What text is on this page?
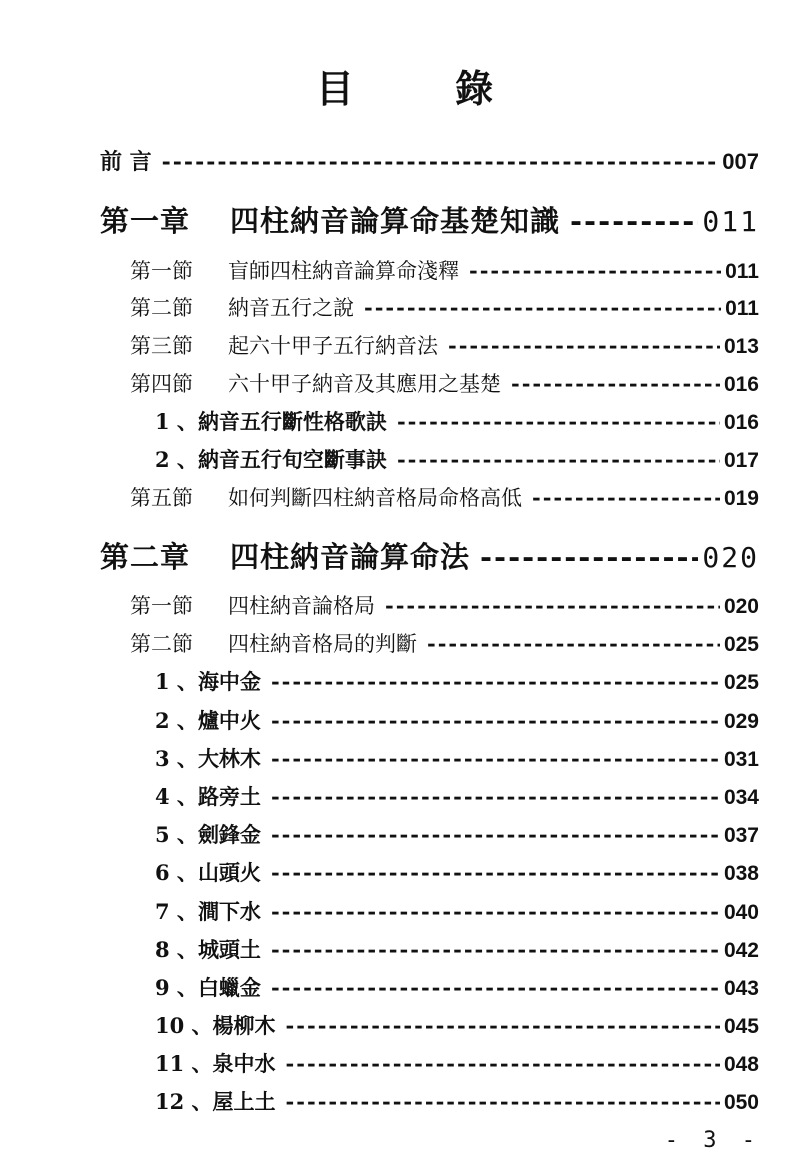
目 錄
前 言 -----	007
第一章 四柱納音論算命基楚知識 -----	011
第一節 盲師四柱納音論算命淺釋 -----	011
第二節 納音五行之說 -----	011
第三節 起六十甲子五行納音法 -----	013
第四節 六十甲子納音及其應用之基楚 -----	016
1 、納音五行斷性格歌訣 -----	016
2 、納音五行旬空斷事訣 -----	017
第五節 如何判斷四柱納音格局命格高低 -----	019
第二章 四柱納音論算命法 -----	020
第一節 四柱納音論格局 -----	020
第二節 四柱納音格局的判斷 -----	025
1 、海中金 -----	025
2 、爐中火 -----	029
3 、大林木 -----	031
4 、路旁土 -----	034
5 、劍鋒金 -----	037
6 、山頭火 -----	038
7 、澗下水 -----	040
8 、城頭土 -----	042
9 、白蠟金 -----	043
10 、楊柳木 -----	045
11 、泉中水 -----	048
12 、屋上土 -----	050
- 3 -
